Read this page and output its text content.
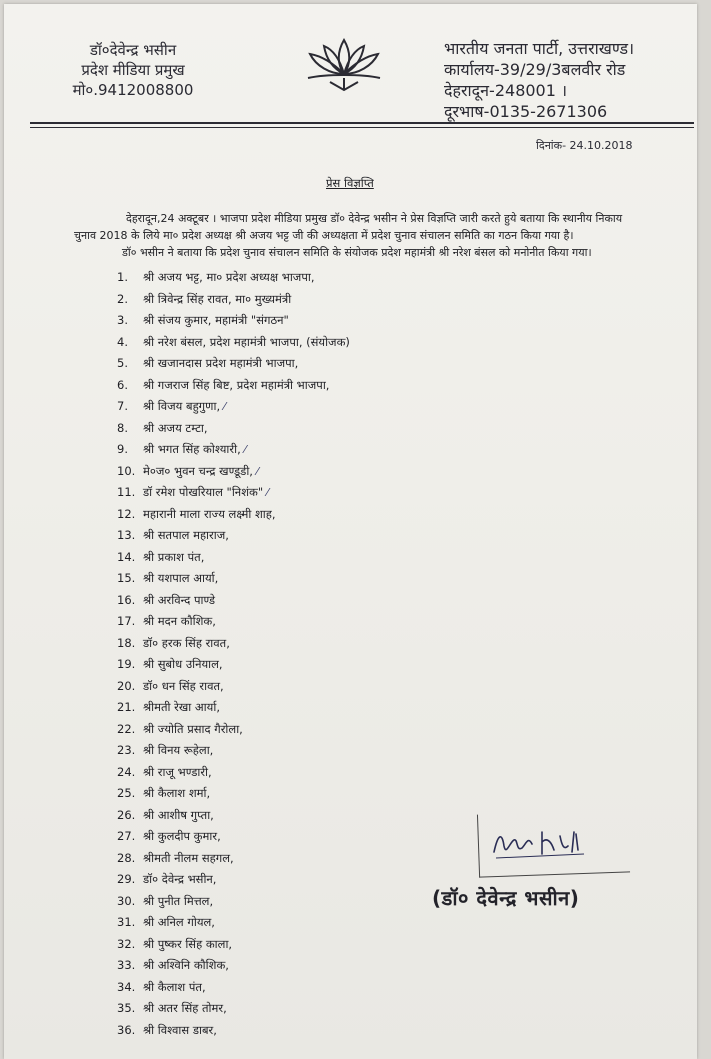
डॉ०देवेन्द्र भसीन
प्रदेश मीडिया प्रमुख
मो०.9412008800
भारतीय जनता पार्टी, उत्तराखण्ड।
कार्यालय-39/29/3बलवीर रोड
देहरादून-248001 ।
दूरभाष-0135-2671306
दिनांक- 24.10.2018
प्रेस विज्ञप्ति
देहरादून,24 अक्टूबर । भाजपा प्रदेश मीडिया प्रमुख डॉ० देवेन्द्र भसीन ने प्रेस विज्ञप्ति जारी करते हुये बताया कि स्थानीय निकाय
चुनाव 2018 के लिये मा० प्रदेश अध्यक्ष श्री अजय भट्ट जी की अध्यक्षता में प्रदेश चुनाव संचालन समिति का गठन किया गया है।
डॉ० भसीन ने बताया कि प्रदेश चुनाव संचालन समिति के संयोजक प्रदेश महामंत्री श्री नरेश बंसल को मनोनीत किया गया।
1. श्री अजय भट्ट, मा० प्रदेश अध्यक्ष भाजपा,
2. श्री त्रिवेन्द्र सिंह रावत, मा० मुख्यमंत्री
3. श्री संजय कुमार, महामंत्री "संगठन"
4. श्री नरेश बंसल, प्रदेश महामंत्री भाजपा, (संयोजक)
5. श्री खजानदास प्रदेश महामंत्री भाजपा,
6. श्री गजराज सिंह बिष्ट, प्रदेश महामंत्री भाजपा,
7. श्री विजय बहुगुणा, ⁄
8. श्री अजय टम्टा,
9. श्री भगत सिंह कोश्यारी, ⁄
10. मे०ज० भुवन चन्द्र खण्डूडी, ⁄
11. डॉ रमेश पोखरियाल "निशंक" ⁄
12. महारानी माला राज्य लक्ष्मी शाह,
13. श्री सतपाल महाराज,
14. श्री प्रकाश पंत,
15. श्री यशपाल आर्या,
16. श्री अरविन्द पाण्डे
17. श्री मदन कौशिक,
18. डॉ० हरक सिंह रावत,
19. श्री सुबोध उनियाल,
20. डॉ० धन सिंह रावत,
21. श्रीमती रेखा आर्या,
22. श्री ज्योति प्रसाद गैरोला,
23. श्री विनय रूहेला,
24. श्री राजू भण्डारी,
25. श्री कैलाश शर्मा,
26. श्री आशीष गुप्ता,
27. श्री कुलदीप कुमार,
28. श्रीमती नीलम सहगल,
29. डॉ० देवेन्द्र भसीन,
30. श्री पुनीत मित्तल,
31. श्री अनिल गोयल,
32. श्री पुष्कर सिंह काला,
33. श्री अश्विनि कौशिक,
34. श्री कैलाश पंत,
35. श्री अतर सिंह तोमर,
36. श्री विश्वास डाबर,
(डॉ० देवेन्द्र भसीन)
